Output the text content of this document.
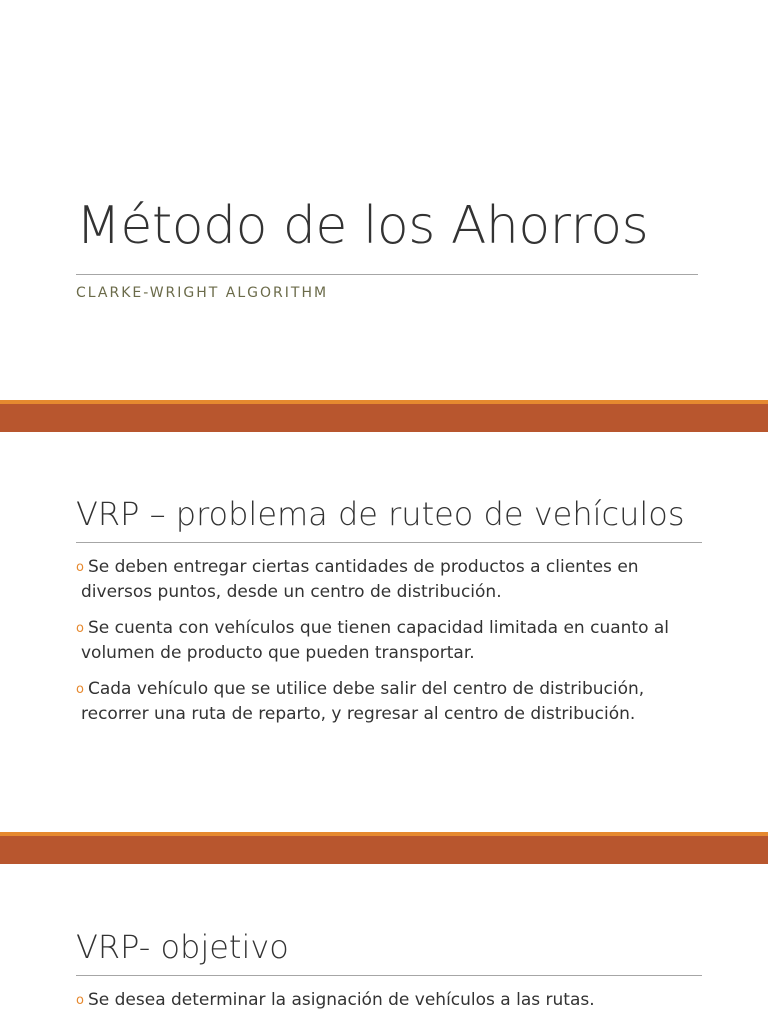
Método de los Ahorros

CLARKE-WRIGHT ALGORITHM

VRP – problema de ruteo de vehículos
o Se deben entregar ciertas cantidades de productos a clientes en diversos puntos, desde un centro de distribución.
o Se cuenta con vehículos que tienen capacidad limitada en cuanto al volumen de producto que pueden transportar.
o Cada vehículo que se utilice debe salir del centro de distribución, recorrer una ruta de reparto, y regresar al centro de distribución.
VRP- objetivo
o Se desea determinar la asignación de vehículos a las rutas.
